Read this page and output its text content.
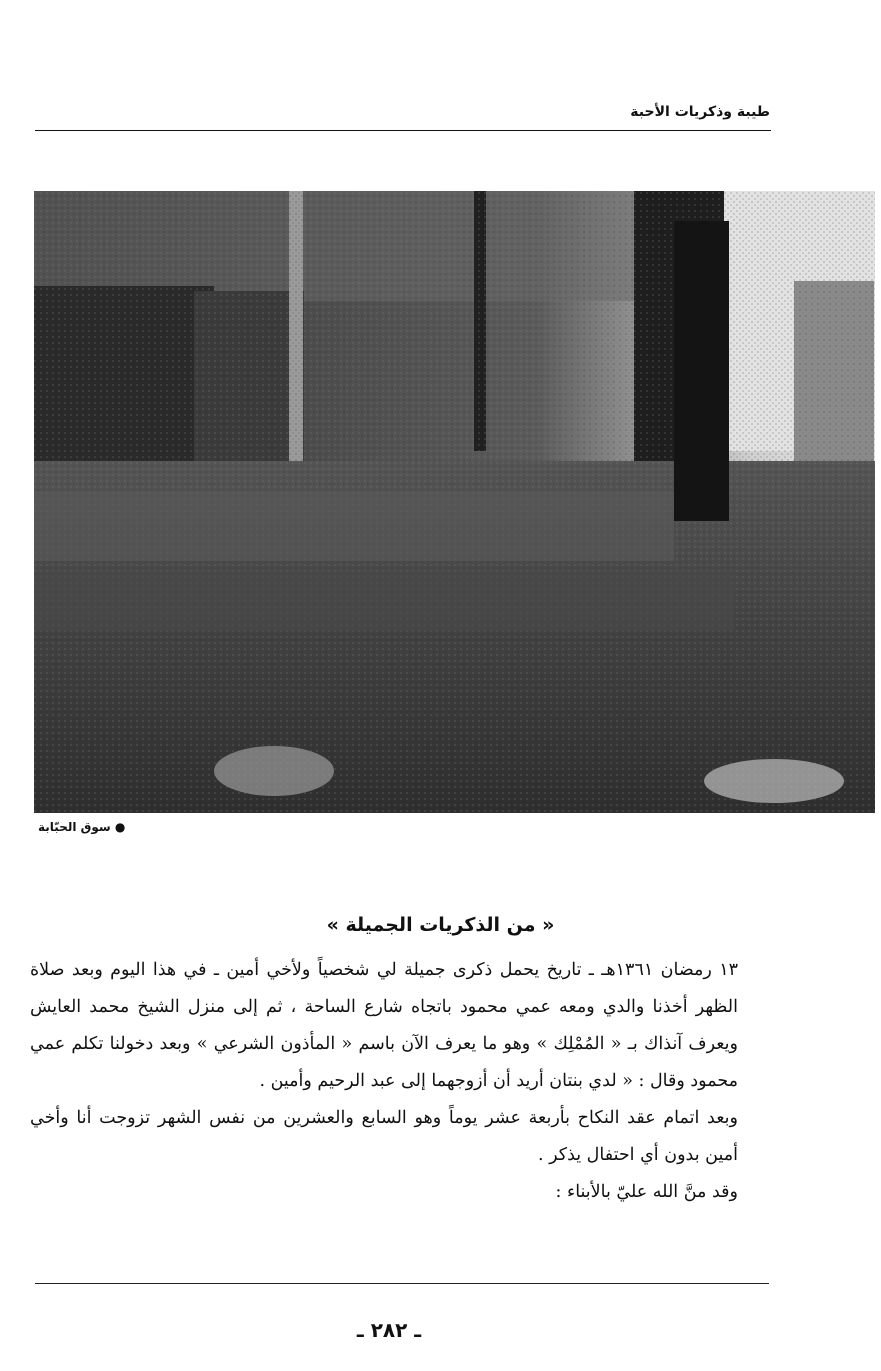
طيبة وذكريات الأحبة
● سوق الحبّابة
« من الذكريات الجميلة »

١٣ رمضان ١٣٦١هـ ـ تاريخ يحمل ذكرى جميلة لي شخصياً ولأخي أمين ـ في هذا اليوم وبعد صلاة الظهر أخذنا والدي ومعه عمي محمود باتجاه شارع الساحة ، ثم إلى منزل الشيخ محمد العايش ويعرف آنذاك بـ « المُمْلِك » وهو ما يعرف الآن باسم « المأذون الشرعي » وبعد دخولنا تكلم عمي محمود وقال : « لدي بنتان أريد أن أزوجهما إلى عبد الرحيم وأمين .

وبعد اتمام عقد النكاح بأربعة عشر يوماً وهو السابع والعشرين من نفس الشهر تزوجت أنا وأخي أمين بدون أي احتفال يذكر .

وقد منَّ الله عليّ بالأبناء :

ـ ٢٨٢ ـ
